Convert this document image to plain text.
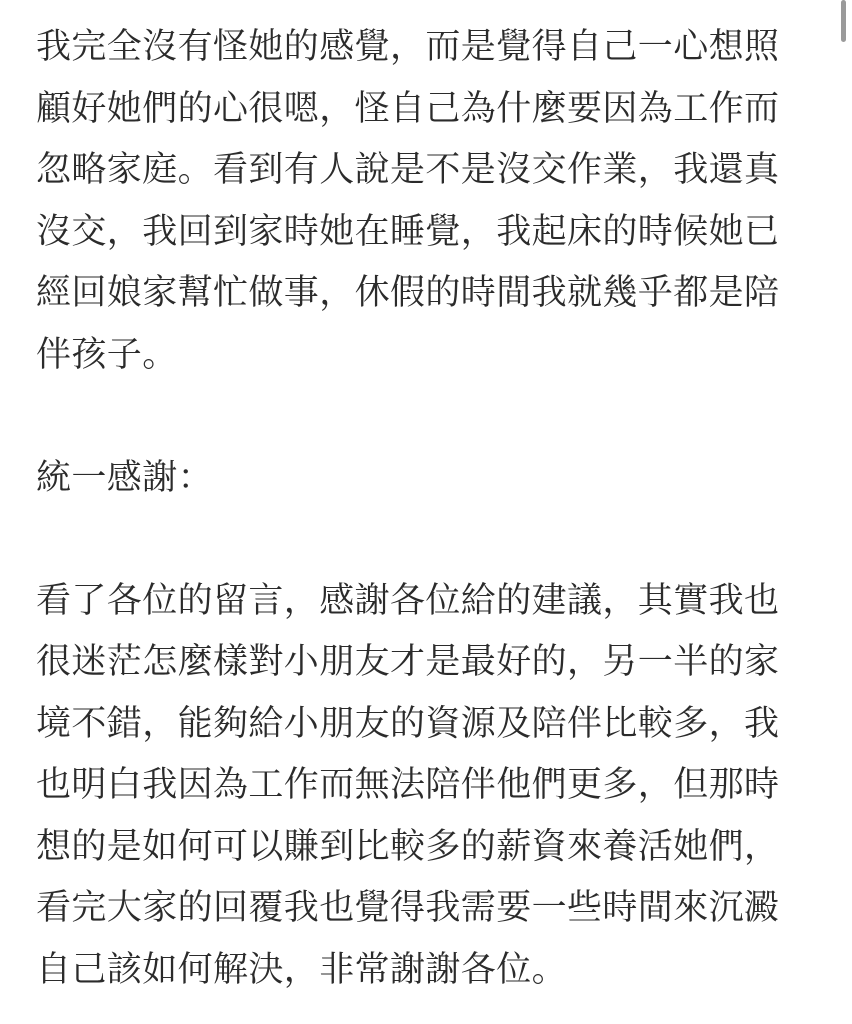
我完全沒有怪她的感覺，而是覺得自己一心想照
顧好她們的心很嗯，怪自己為什麼要因為工作而
忽略家庭。看到有人說是不是沒交作業，我還真
沒交，我回到家時她在睡覺，我起床的時候她已
經回娘家幫忙做事，休假的時間我就幾乎都是陪
伴孩子。
統一感謝：
看了各位的留言，感謝各位給的建議，其實我也
很迷茫怎麼樣對小朋友才是最好的，另一半的家
境不錯，能夠給小朋友的資源及陪伴比較多，我
也明白我因為工作而無法陪伴他們更多，但那時
想的是如何可以賺到比較多的薪資來養活她們，
看完大家的回覆我也覺得我需要一些時間來沉澱
自己該如何解決，非常謝謝各位。
